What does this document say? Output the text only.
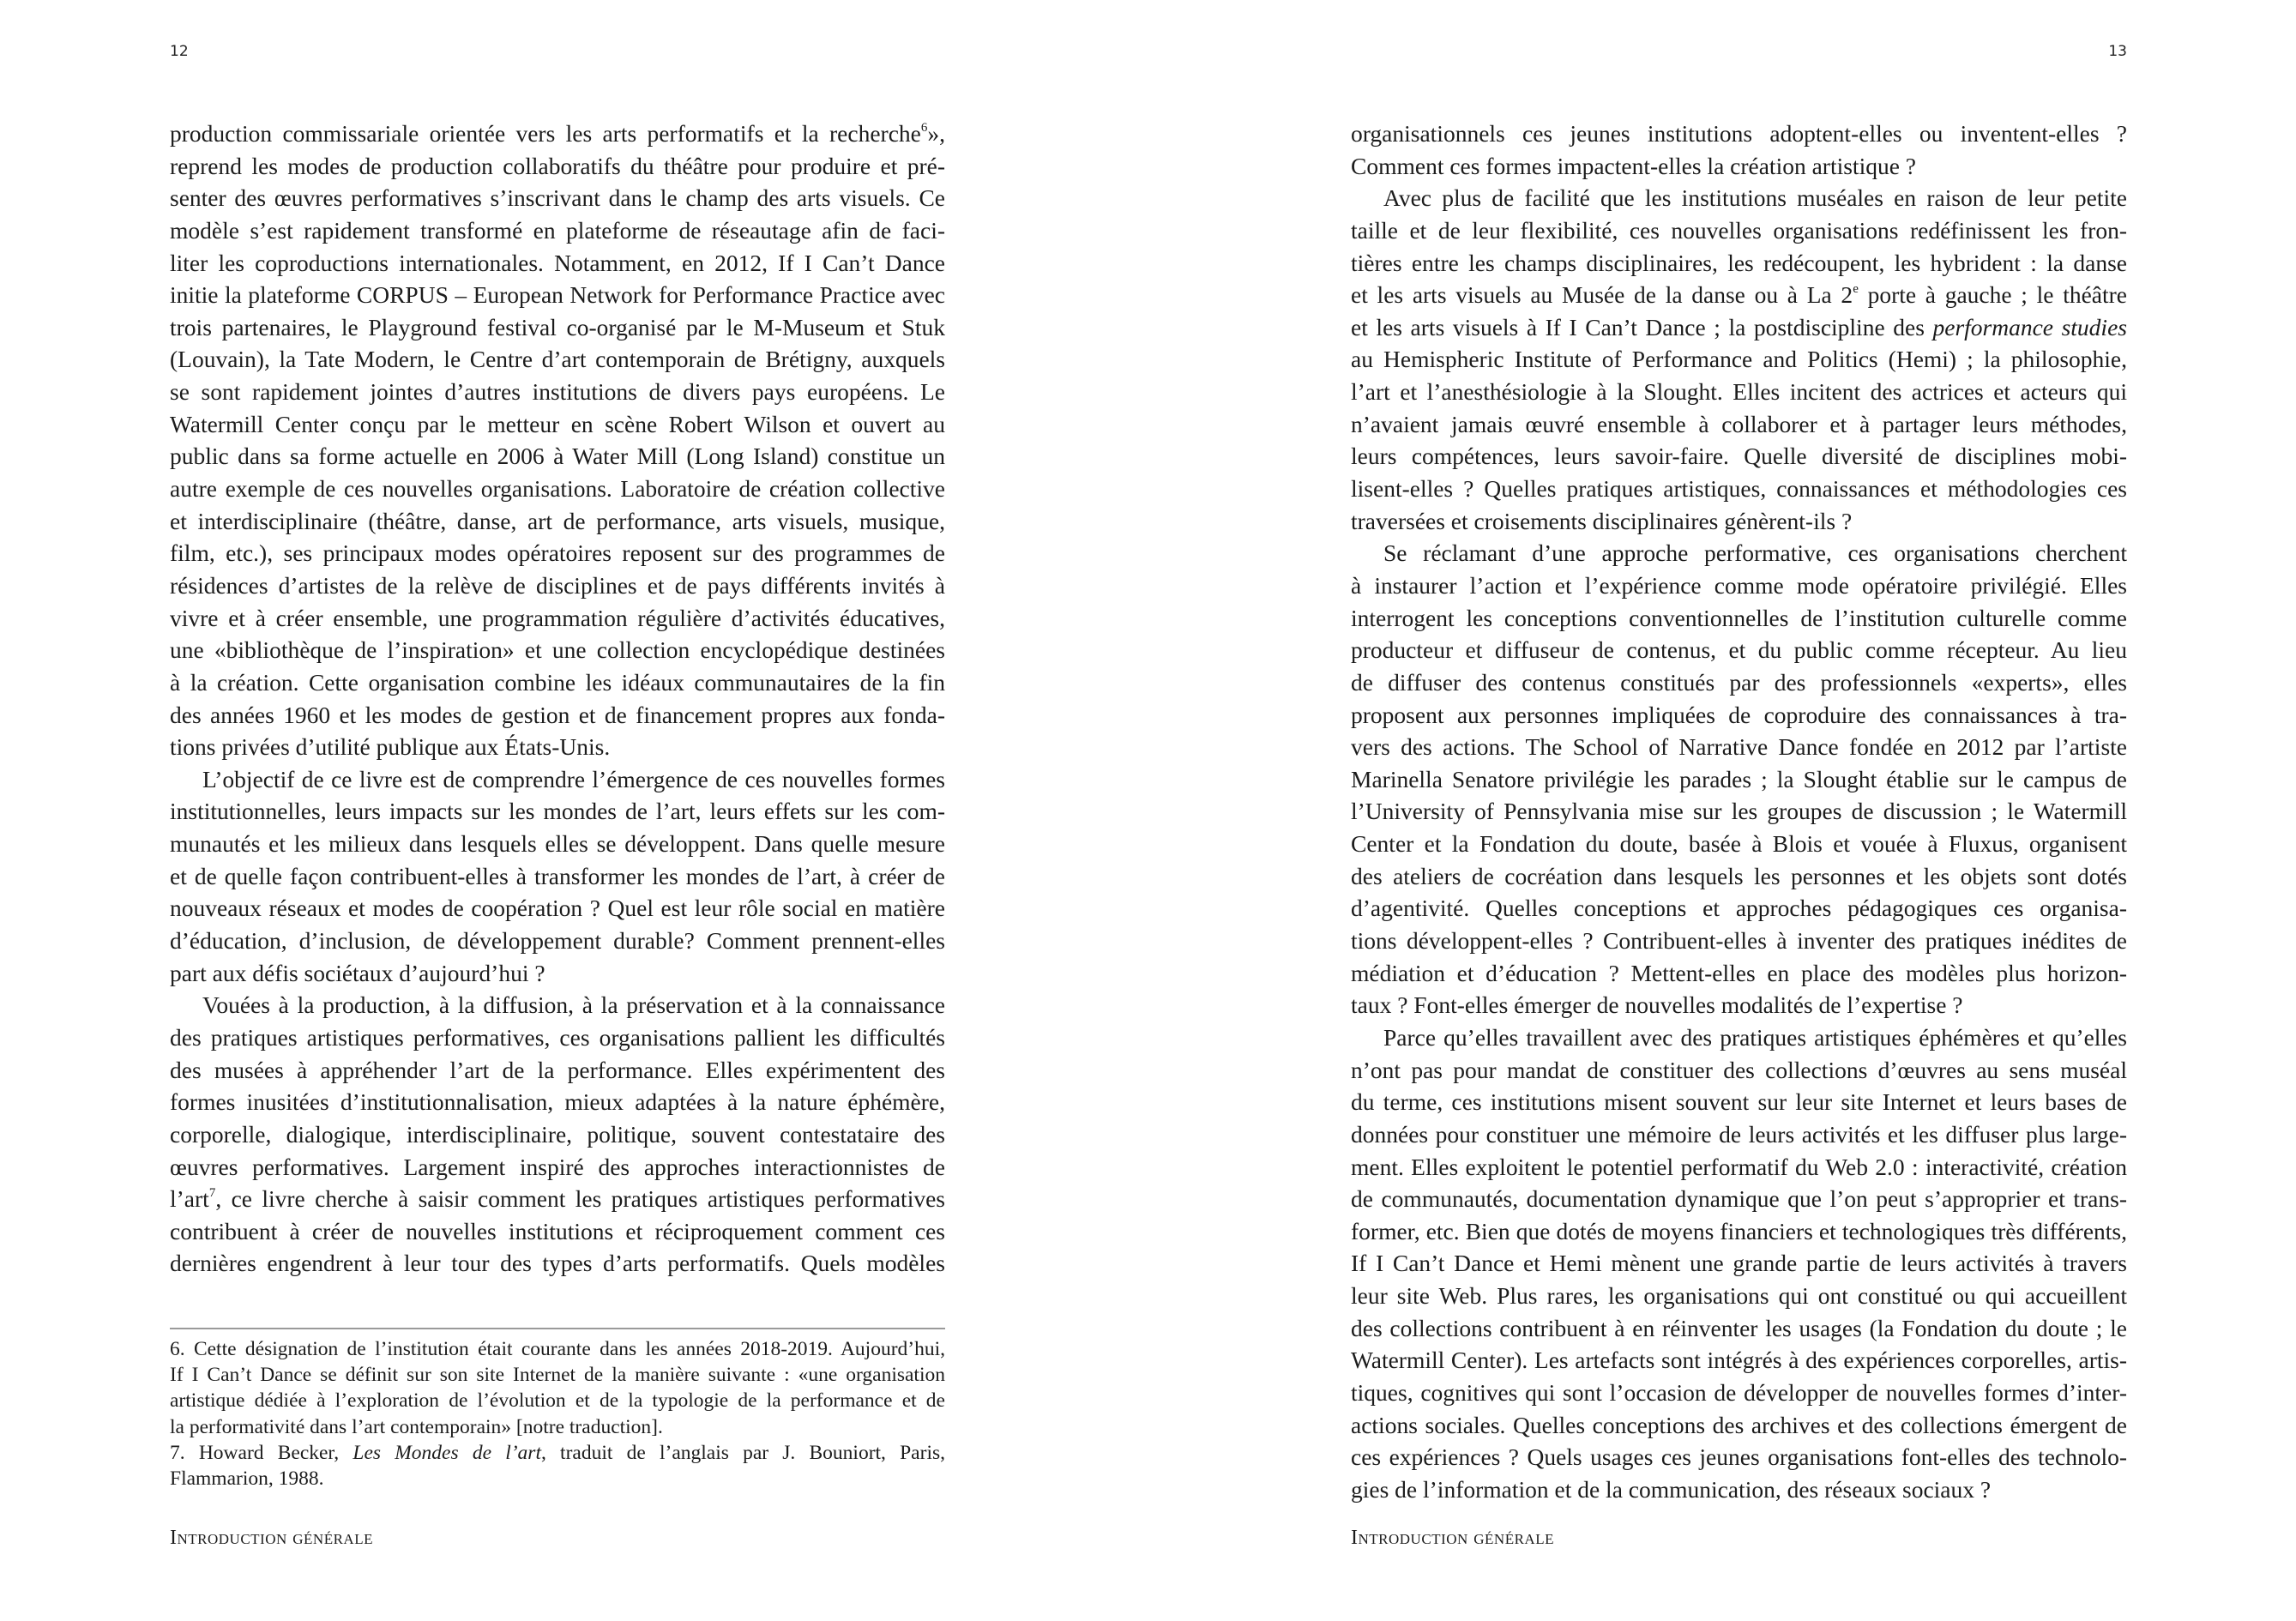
12
production commissariale orientée vers les arts performatifs et la recherche$^6$»,
reprend les modes de production collaboratifs du théâtre pour produire et pré-
senter des œuvres performatives s’inscrivant dans le champ des arts visuels. Ce
modèle s’est rapidement transformé en plateforme de réseautage afin de faci-
liter les coproductions internationales. Notamment, en 2012, If I Can’t Dance
initie la plateforme CORPUS – European Network for Performance Practice avec
trois partenaires, le Playground festival co-organisé par le M-Museum et Stuk
(Louvain), la Tate Modern, le Centre d’art contemporain de Brétigny, auxquels
se sont rapidement jointes d’autres institutions de divers pays européens. Le
Watermill Center conçu par le metteur en scène Robert Wilson et ouvert au
public dans sa forme actuelle en 2006 à Water Mill (Long Island) constitue un
autre exemple de ces nouvelles organisations. Laboratoire de création collective
et interdisciplinaire (théâtre, danse, art de performance, arts visuels, musique,
film, etc.), ses principaux modes opératoires reposent sur des programmes de
résidences d’artistes de la relève de disciplines et de pays différents invités à
vivre et à créer ensemble, une programmation régulière d’activités éducatives,
une «bibliothèque de l’inspiration» et une collection encyclopédique destinées
à la création. Cette organisation combine les idéaux communautaires de la fin
des années 1960 et les modes de gestion et de financement propres aux fonda-
tions privées d’utilité publique aux États-Unis.
L’objectif de ce livre est de comprendre l’émergence de ces nouvelles formes
institutionnelles, leurs impacts sur les mondes de l’art, leurs effets sur les com-
munautés et les milieux dans lesquels elles se développent. Dans quelle mesure
et de quelle façon contribuent-elles à transformer les mondes de l’art, à créer de
nouveaux réseaux et modes de coopération ? Quel est leur rôle social en matière
d’éducation, d’inclusion, de développement durable? Comment prennent-elles
part aux défis sociétaux d’aujourd’hui ?
Vouées à la production, à la diffusion, à la préservation et à la connaissance
des pratiques artistiques performatives, ces organisations pallient les difficultés
des musées à appréhender l’art de la performance. Elles expérimentent des
formes inusitées d’institutionnalisation, mieux adaptées à la nature éphémère,
corporelle, dialogique, interdisciplinaire, politique, souvent contestataire des
œuvres performatives. Largement inspiré des approches interactionnistes de
l’art$^7$, ce livre cherche à saisir comment les pratiques artistiques performatives
contribuent à créer de nouvelles institutions et réciproquement comment ces
dernières engendrent à leur tour des types d’arts performatifs. Quels modèles
6. Cette désignation de l’institution était courante dans les années 2018-2019. Aujourd’hui,
If I Can’t Dance se définit sur son site Internet de la manière suivante : «une organisation
artistique dédiée à l’exploration de l’évolution et de la typologie de la performance et de
la performativité dans l’art contemporain» [notre traduction].
7. Howard Becker, Les Mondes de l’art, traduit de l’anglais par J. Bouniort, Paris,
Flammarion, 1988.
Introduction générale
13
organisationnels ces jeunes institutions adoptent-elles ou inventent-elles ?
Comment ces formes impactent-elles la création artistique ?
Avec plus de facilité que les institutions muséales en raison de leur petite
taille et de leur flexibilité, ces nouvelles organisations redéfinissent les fron-
tières entre les champs disciplinaires, les redécoupent, les hybrident : la danse
et les arts visuels au Musée de la danse ou à La 2e porte à gauche ; le théâtre
et les arts visuels à If I Can’t Dance ; la postdiscipline des performance studies
au Hemispheric Institute of Performance and Politics (Hemi) ; la philosophie,
l’art et l’anesthésiologie à la Slought. Elles incitent des actrices et acteurs qui
n’avaient jamais œuvré ensemble à collaborer et à partager leurs méthodes,
leurs compétences, leurs savoir-faire. Quelle diversité de disciplines mobi-
lisent-elles ? Quelles pratiques artistiques, connaissances et méthodologies ces
traversées et croisements disciplinaires génèrent-ils ?
Se réclamant d’une approche performative, ces organisations cherchent
à instaurer l’action et l’expérience comme mode opératoire privilégié. Elles
interrogent les conceptions conventionnelles de l’institution culturelle comme
producteur et diffuseur de contenus, et du public comme récepteur. Au lieu
de diffuser des contenus constitués par des professionnels «experts», elles
proposent aux personnes impliquées de coproduire des connaissances à tra-
vers des actions. The School of Narrative Dance fondée en 2012 par l’artiste
Marinella Senatore privilégie les parades ; la Slought établie sur le campus de
l’University of Pennsylvania mise sur les groupes de discussion ; le Watermill
Center et la Fondation du doute, basée à Blois et vouée à Fluxus, organisent
des ateliers de cocréation dans lesquels les personnes et les objets sont dotés
d’agentivité. Quelles conceptions et approches pédagogiques ces organisa-
tions développent-elles ? Contribuent-elles à inventer des pratiques inédites de
médiation et d’éducation ? Mettent-elles en place des modèles plus horizon-
taux ? Font-elles émerger de nouvelles modalités de l’expertise ?
Parce qu’elles travaillent avec des pratiques artistiques éphémères et qu’elles
n’ont pas pour mandat de constituer des collections d’œuvres au sens muséal
du terme, ces institutions misent souvent sur leur site Internet et leurs bases de
données pour constituer une mémoire de leurs activités et les diffuser plus large-
ment. Elles exploitent le potentiel performatif du Web 2.0 : interactivité, création
de communautés, documentation dynamique que l’on peut s’approprier et trans-
former, etc. Bien que dotés de moyens financiers et technologiques très différents,
If I Can’t Dance et Hemi mènent une grande partie de leurs activités à travers
leur site Web. Plus rares, les organisations qui ont constitué ou qui accueillent
des collections contribuent à en réinventer les usages (la Fondation du doute ; le
Watermill Center). Les artefacts sont intégrés à des expériences corporelles, artis-
tiques, cognitives qui sont l’occasion de développer de nouvelles formes d’inter-
actions sociales. Quelles conceptions des archives et des collections émergent de
ces expériences ? Quels usages ces jeunes organisations font-elles des technolo-
gies de l’information et de la communication, des réseaux sociaux ?
Introduction générale
